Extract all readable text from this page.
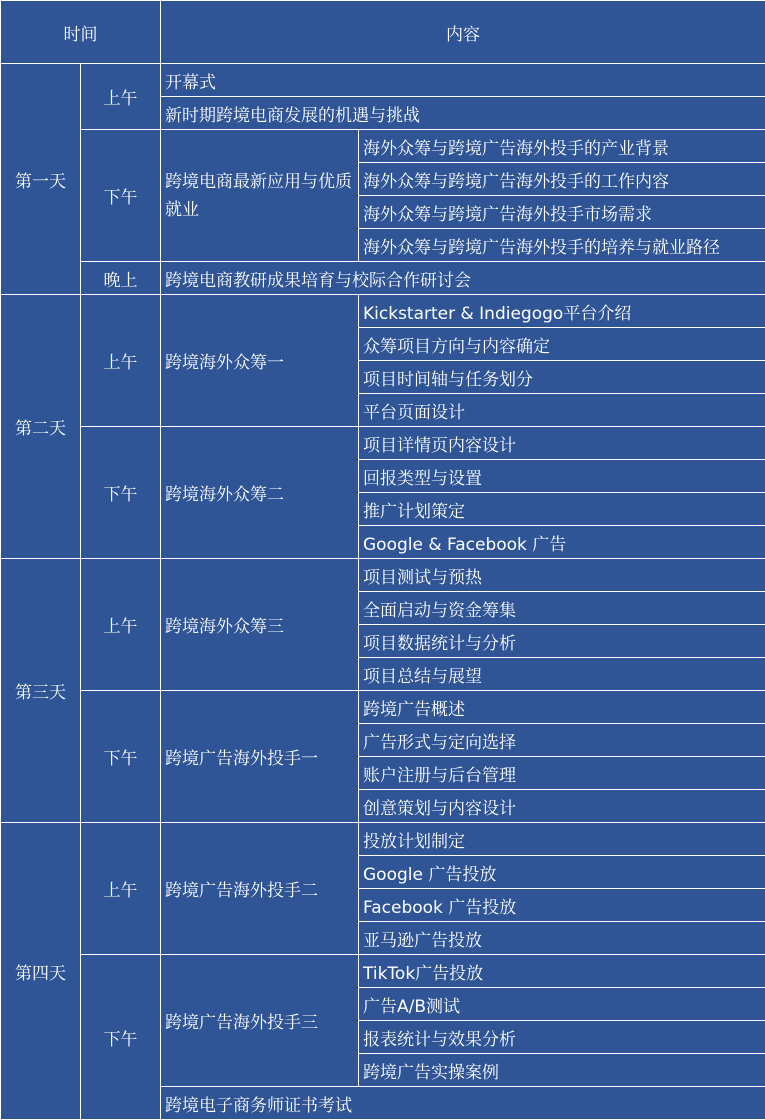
时间		内容	
第一天	上午	开幕式	
		新时期跨境电商发展的机遇与挑战	
	下午	跨境电商最新应用与优质就业	海外众筹与跨境广告海外投手的产业背景
			海外众筹与跨境广告海外投手的工作内容
			海外众筹与跨境广告海外投手市场需求
			海外众筹与跨境广告海外投手的培养与就业路径
	晚上	跨境电商教研成果培育与校际合作研讨会	
第二天	上午	跨境海外众筹一	Kickstarter & Indiegogo平台介绍
			众筹项目方向与内容确定
			项目时间轴与任务划分
			平台页面设计
	下午	跨境海外众筹二	项目详情页内容设计
			回报类型与设置
			推广计划策定
			Google & Facebook 广告
第三天	上午	跨境海外众筹三	项目测试与预热
			全面启动与资金筹集
			项目数据统计与分析
			项目总结与展望
	下午	跨境广告海外投手一	跨境广告概述
			广告形式与定向选择
			账户注册与后台管理
			创意策划与内容设计
第四天	上午	跨境广告海外投手二	投放计划制定
			Google 广告投放
			Facebook 广告投放
			亚马逊广告投放
	下午	跨境广告海外投手三	TikTok广告投放
			广告A/B测试
			报表统计与效果分析
			跨境广告实操案例
		跨境电子商务师证书考试	
